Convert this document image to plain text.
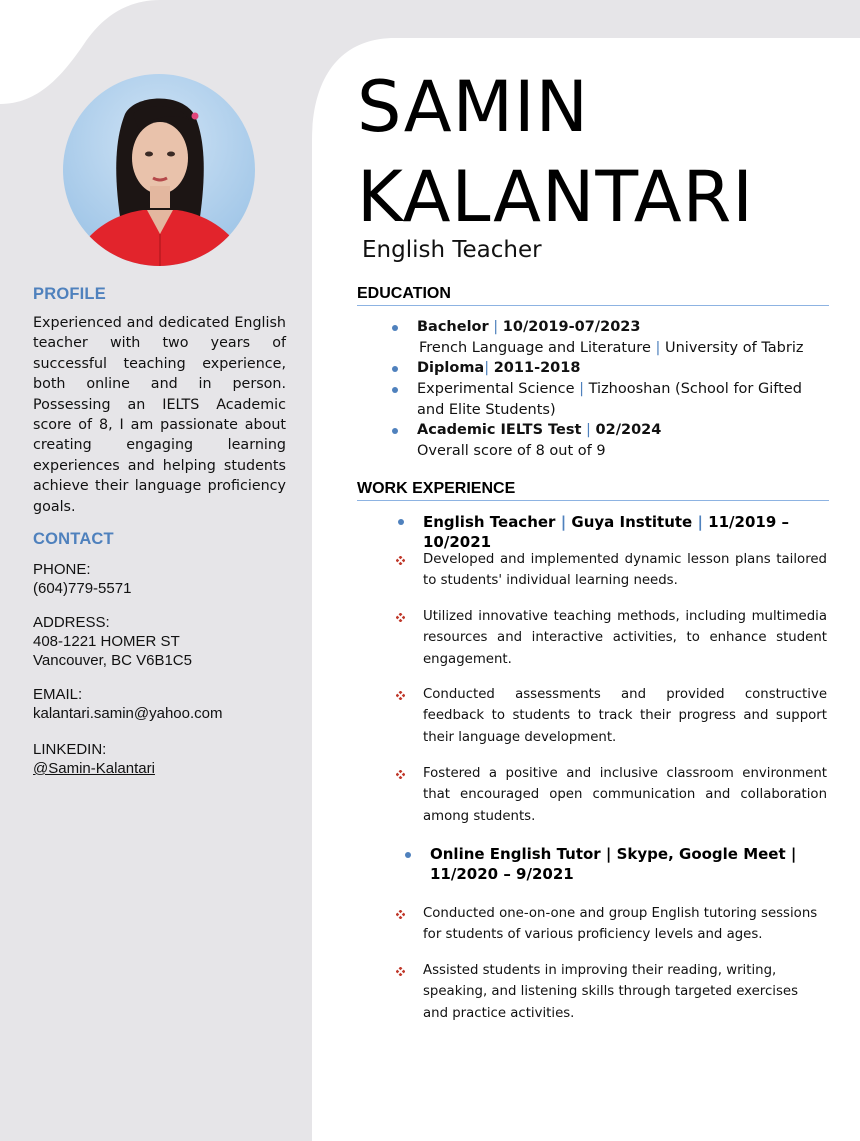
PROFILE
Experienced and dedicated English teacher with two years of successful teaching experience, both online and in person. Possessing an IELTS Academic score of 8, I am passionate about creating engaging learning experiences and helping students achieve their language proficiency goals.
CONTACT
PHONE:
(604)779-5571
ADDRESS:
408-1221 HOMER ST
Vancouver, BC V6B1C5
EMAIL:
kalantari.samin@yahoo.com
LINKEDIN:
@Samin-Kalantari
SAMIN
KALANTARI
English Teacher
EDUCATION
Bachelor | 10/2019-07/2023
French Language and Literature | University of Tabriz
Diploma| 2011-2018
Experimental Science | Tizhooshan (School for Gifted and Elite Students)
Academic IELTS Test | 02/2024
Overall score of 8 out of 9
WORK EXPERIENCE
English Teacher | Guya Institute | 11/2019 – 10/2021
Developed and implemented dynamic lesson plans tailored to students' individual learning needs.
Utilized innovative teaching methods, including multimedia resources and interactive activities, to enhance student engagement.
Conducted assessments and provided constructive feedback to students to track their progress and support their language development.
Fostered a positive and inclusive classroom environment that encouraged open communication and collaboration among students.
Online English Tutor | Skype, Google Meet |
11/2020 – 9/2021
Conducted one-on-one and group English tutoring sessions for students of various proficiency levels and ages.
Assisted students in improving their reading, writing, speaking, and listening skills through targeted exercises and practice activities.
